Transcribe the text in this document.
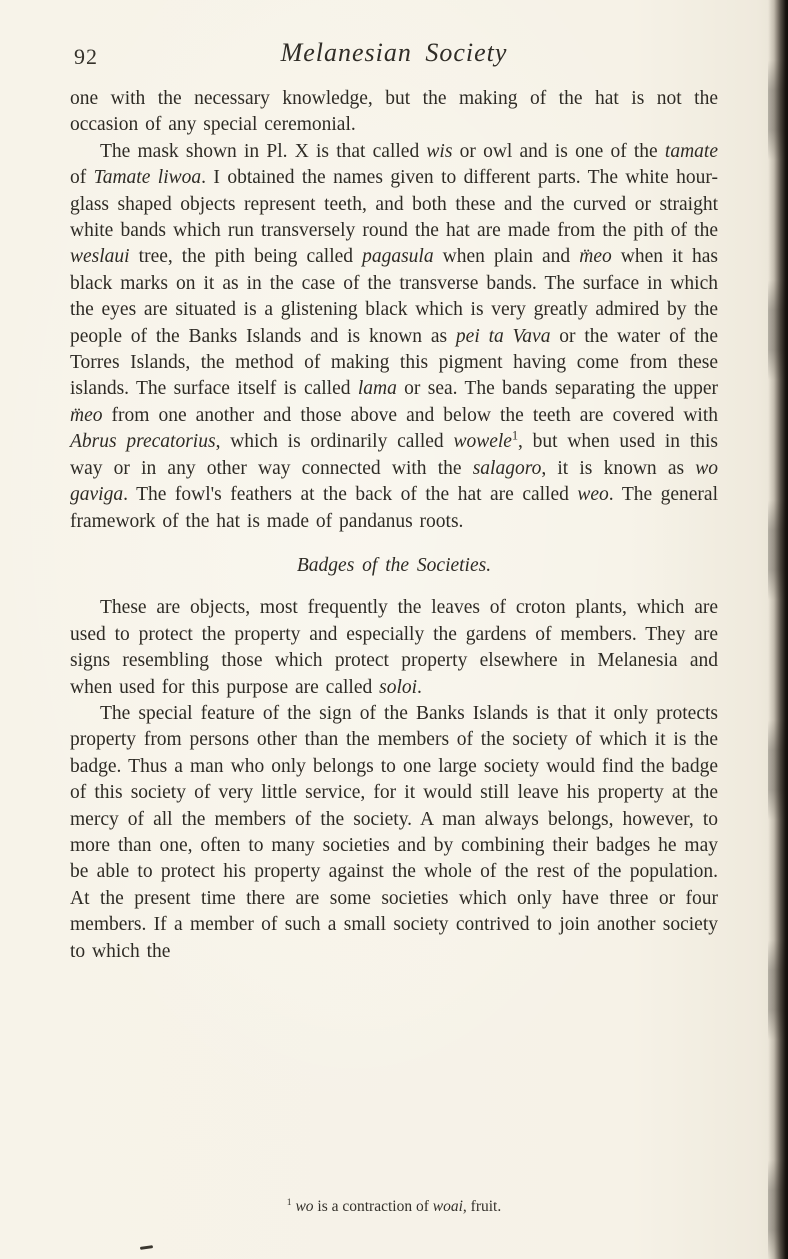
92	Melanesian Society

one with the necessary knowledge, but the making of the hat is not the occasion of any special ceremonial.

The mask shown in Pl. X is that called wis or owl and is one of the tamate of Tamate liwoa. I obtained the names given to different parts. The white hour-glass shaped objects represent teeth, and both these and the curved or straight white bands which run transversely round the hat are made from the pith of the weslaui tree, the pith being called pagasula when plain and m̈eo when it has black marks on it as in the case of the transverse bands. The surface in which the eyes are situated is a glistening black which is very greatly admired by the people of the Banks Islands and is known as pei ta Vava or the water of the Torres Islands, the method of making this pigment having come from these islands. The surface itself is called lama or sea. The bands separating the upper m̈eo from one another and those above and below the teeth are covered with Abrus precatorius, which is ordinarily called wowele$^1$, but when used in this way or in any other way connected with the salagoro, it is known as wo gaviga. The fowl's feathers at the back of the hat are called weo. The general framework of the hat is made of pandanus roots.

Badges of the Societies.

These are objects, most frequently the leaves of croton plants, which are used to protect the property and especially the gardens of members. They are signs resembling those which protect property elsewhere in Melanesia and when used for this purpose are called soloi.

The special feature of the sign of the Banks Islands is that it only protects property from persons other than the members of the society of which it is the badge. Thus a man who only belongs to one large society would find the badge of this society of very little service, for it would still leave his property at the mercy of all the members of the society. A man always belongs, however, to more than one, often to many societies and by combining their badges he may be able to protect his property against the whole of the rest of the population. At the present time there are some societies which only have three or four members. If a member of such a small society contrived to join another society to which the

$^1$ wo is a contraction of woai, fruit.
